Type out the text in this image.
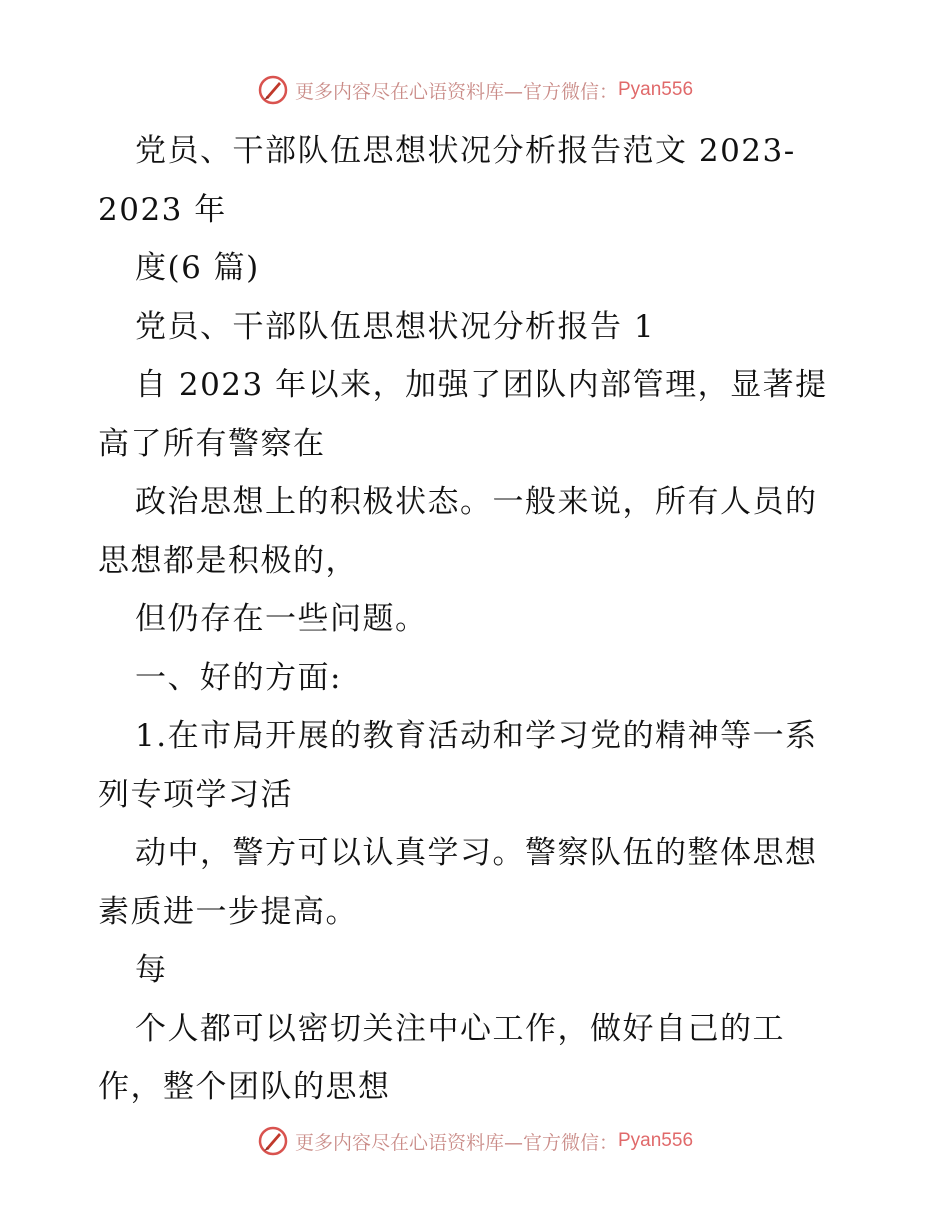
更多内容尽在心语资料库—官方微信： Pyan556
党员、干部队伍思想状况分析报告范文 2023-
2023 年
度(6 篇)
党员、干部队伍思想状况分析报告 1
自 2023 年以来，加强了团队内部管理，显著提
高了所有警察在
政治思想上的积极状态。一般来说，所有人员的
思想都是积极的，
但仍存在一些问题。
一、好的方面:
1.在市局开展的教育活动和学习党的精神等一系
列专项学习活
动中，警方可以认真学习。警察队伍的整体思想
素质进一步提高。
每
个人都可以密切关注中心工作，做好自己的工
作，整个团队的思想
更多内容尽在心语资料库—官方微信： Pyan556
